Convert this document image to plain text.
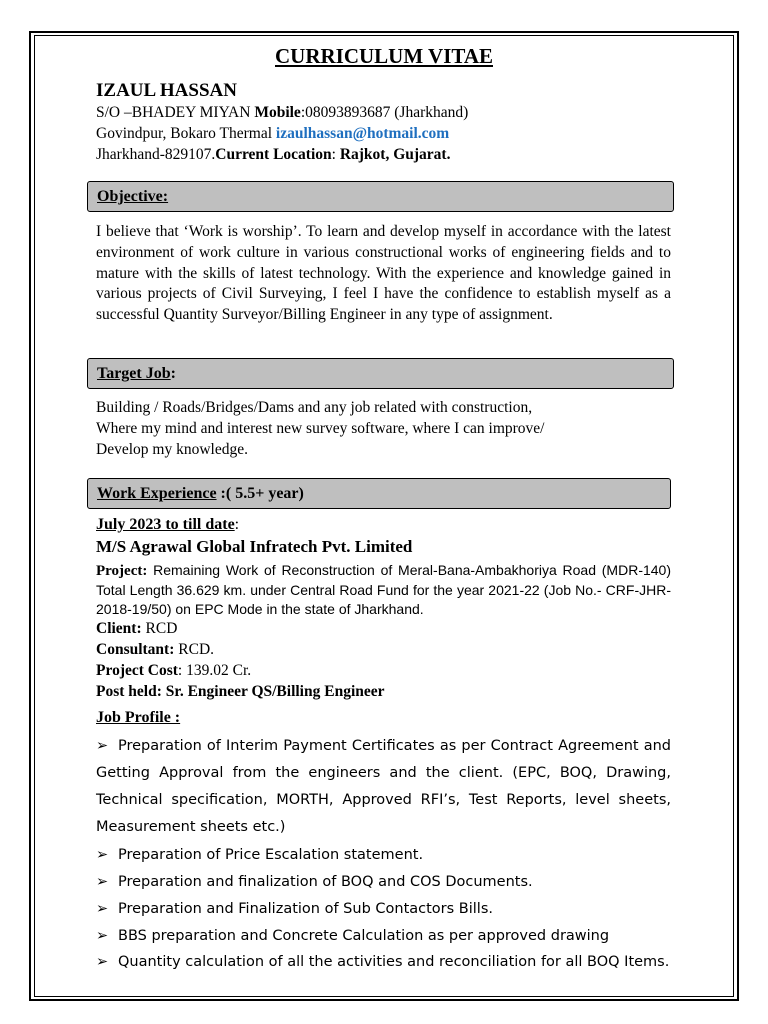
CURRICULUM VITAE
IZAUL HASSAN
S/O –BHADEY MIYAN Mobile:08093893687 (Jharkhand)
Govindpur, Bokaro Thermal izaulhassan@hotmail.com
Jharkhand-829107.Current Location: Rajkot, Gujarat.
Objective:
I believe that ‘Work is worship’. To learn and develop myself in accordance with the latest environment of work culture in various constructional works of engineering fields and to mature with the skills of latest technology. With the experience and knowledge gained in various projects of Civil Surveying, I feel I have the confidence to establish myself as a successful Quantity Surveyor/Billing Engineer in any type of assignment.
Target Job:
Building / Roads/Bridges/Dams and any job related with construction,
Where my mind and interest new survey software, where I can improve/
Develop my knowledge.
Work Experience :( 5.5+ year)
July 2023 to till date:
M/S Agrawal Global Infratech Pvt. Limited
Project: Remaining Work of Reconstruction of Meral-Bana-Ambakhoriya Road (MDR-140) Total Length 36.629 km. under Central Road Fund for the year 2021-22 (Job No.- CRF-JHR-2018-19/50) on EPC Mode in the state of Jharkhand.
Client: RCD
Consultant: RCD.
Project Cost: 139.02 Cr.
Post held: Sr. Engineer QS/Billing Engineer
Job Profile :
➢ Preparation of Interim Payment Certificates as per Contract Agreement and Getting Approval from the engineers and the client. (EPC, BOQ, Drawing, Technical specification, MORTH, Approved RFI’s, Test Reports, level sheets, Measurement sheets etc.)
➢ Preparation of Price Escalation statement.
➢ Preparation and finalization of BOQ and COS Documents.
➢ Preparation and Finalization of Sub Contactors Bills.
➢ BBS preparation and Concrete Calculation as per approved drawing
➢ Quantity calculation of all the activities and reconciliation for all BOQ Items.
